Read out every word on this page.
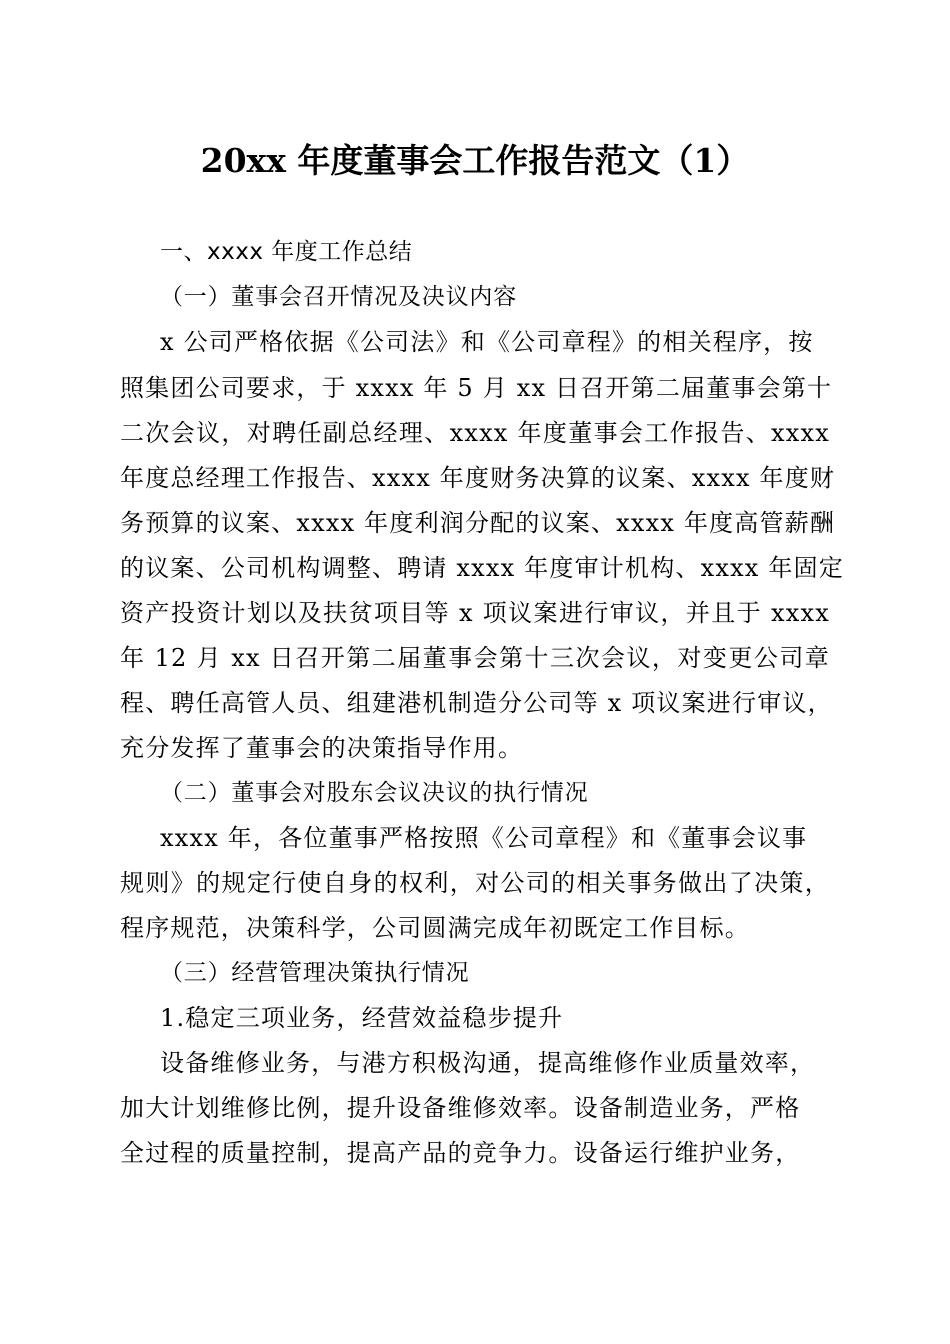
20xx 年度董事会工作报告范文（1）
一、xxxx 年度工作总结
（一）董事会召开情况及决议内容
x 公司严格依据《公司法》和《公司章程》的相关程序，按
照集团公司要求，于 xxxx 年 5 月 xx 日召开第二届董事会第十
二次会议，对聘任副总经理、xxxx 年度董事会工作报告、xxxx
年度总经理工作报告、xxxx 年度财务决算的议案、xxxx 年度财
务预算的议案、xxxx 年度利润分配的议案、xxxx 年度高管薪酬
的议案、公司机构调整、聘请 xxxx 年度审计机构、xxxx 年固定
资产投资计划以及扶贫项目等 x 项议案进行审议，并且于 xxxx
年 12 月 xx 日召开第二届董事会第十三次会议，对变更公司章
程、聘任高管人员、组建港机制造分公司等 x 项议案进行审议，
充分发挥了董事会的决策指导作用。
（二）董事会对股东会议决议的执行情况
xxxx 年，各位董事严格按照《公司章程》和《董事会议事
规则》的规定行使自身的权利，对公司的相关事务做出了决策，
程序规范，决策科学，公司圆满完成年初既定工作目标。
（三）经营管理决策执行情况
1.稳定三项业务，经营效益稳步提升
设备维修业务，与港方积极沟通，提高维修作业质量效率，
加大计划维修比例，提升设备维修效率。设备制造业务，严格
全过程的质量控制，提高产品的竞争力。设备运行维护业务，
